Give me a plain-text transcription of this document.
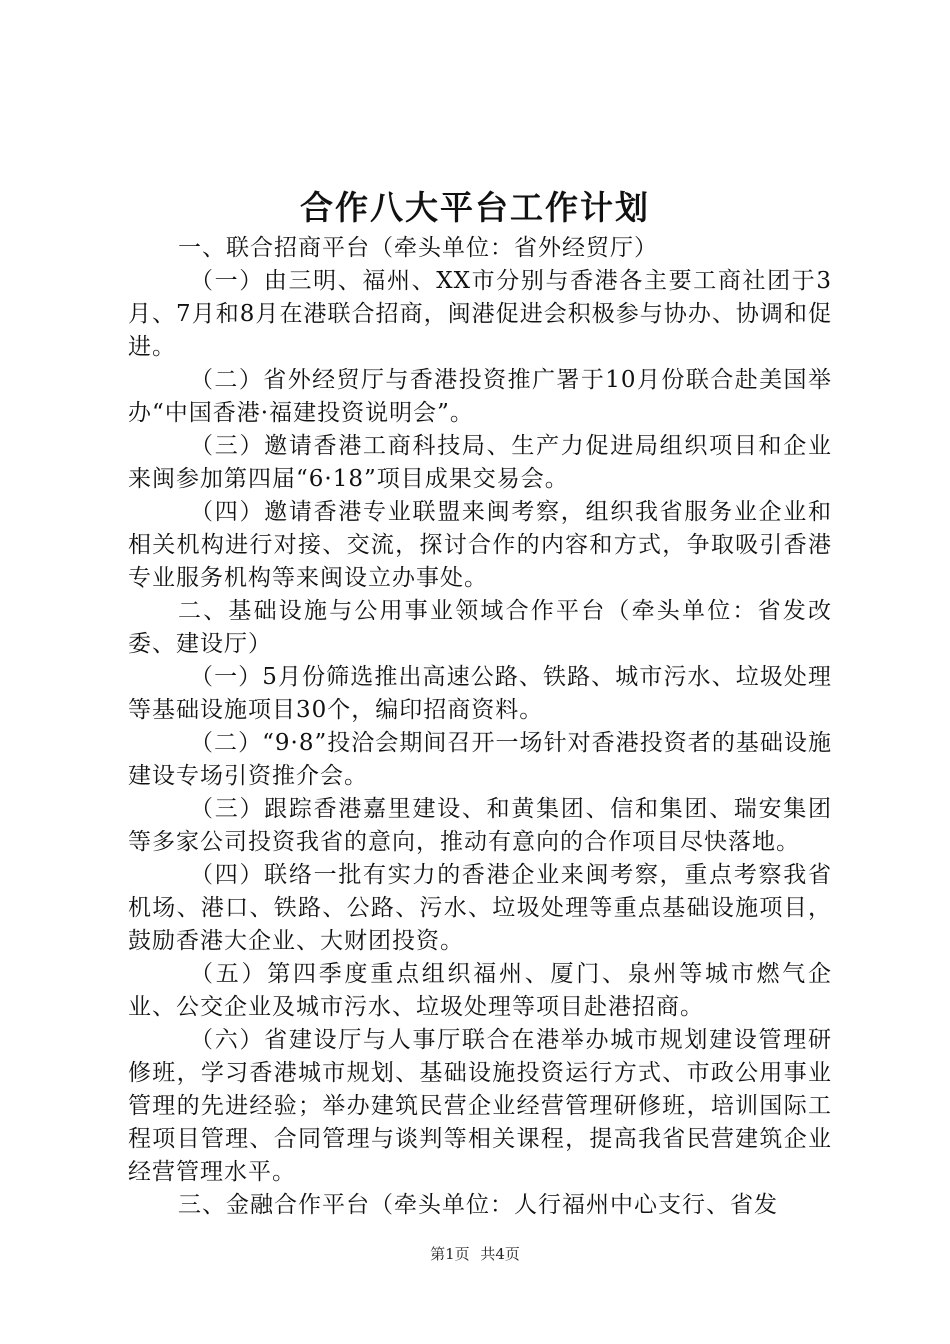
合作八大平台工作计划

一、联合招商平台（牵头单位：省外经贸厅）

（一）由三明、福州、XX市分别与香港各主要工商社团于3月、7月和8月在港联合招商，闽港促进会积极参与协办、协调和促进。

（二）省外经贸厅与香港投资推广署于10月份联合赴美国举办“中国香港·福建投资说明会”。

（三）邀请香港工商科技局、生产力促进局组织项目和企业来闽参加第四届“6·18”项目成果交易会。

（四）邀请香港专业联盟来闽考察，组织我省服务业企业和相关机构进行对接、交流，探讨合作的内容和方式，争取吸引香港专业服务机构等来闽设立办事处。

二、基础设施与公用事业领域合作平台（牵头单位：省发改委、建设厅）

（一）5月份筛选推出高速公路、铁路、城市污水、垃圾处理等基础设施项目30个，编印招商资料。

（二）“9·8”投洽会期间召开一场针对香港投资者的基础设施建设专场引资推介会。

（三）跟踪香港嘉里建设、和黄集团、信和集团、瑞安集团等多家公司投资我省的意向，推动有意向的合作项目尽快落地。

（四）联络一批有实力的香港企业来闽考察，重点考察我省机场、港口、铁路、公路、污水、垃圾处理等重点基础设施项目，鼓励香港大企业、大财团投资。

（五）第四季度重点组织福州、厦门、泉州等城市燃气企业、公交企业及城市污水、垃圾处理等项目赴港招商。

（六）省建设厅与人事厅联合在港举办城市规划建设管理研修班，学习香港城市规划、基础设施投资运行方式、市政公用事业管理的先进经验；举办建筑民营企业经营管理研修班，培训国际工程项目管理、合同管理与谈判等相关课程，提高我省民营建筑企业经营管理水平。

三、金融合作平台（牵头单位：人行福州中心支行、省发

第1页 共4页
